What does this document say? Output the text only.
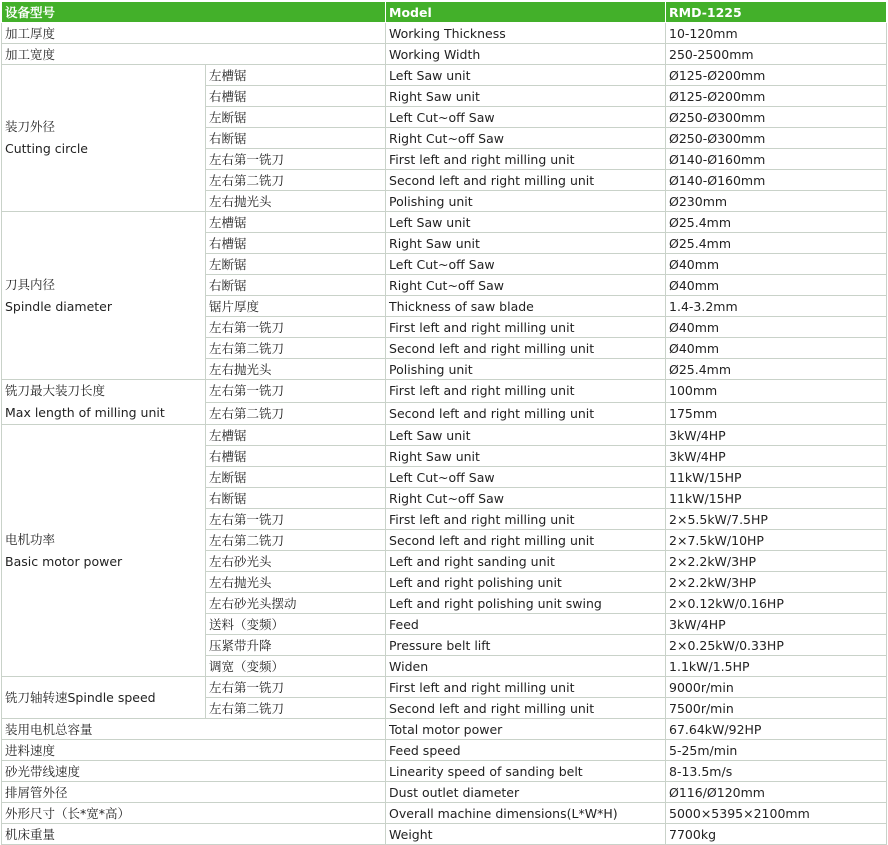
设备型号		Model	RMD-1225
加工厚度		Working Thickness	10-120mm
加工宽度		Working Width	250-2500mm

装刀外径
Cutting circle	左槽锯	Left Saw unit	Ø125-Ø200mm
	右槽锯	Right Saw unit	Ø125-Ø200mm
	左断锯	Left Cut~off Saw	Ø250-Ø300mm
	右断锯	Right Cut~off Saw	Ø250-Ø300mm
	左右第一铣刀	First left and right milling unit	Ø140-Ø160mm
	左右第二铣刀	Second left and right milling unit	Ø140-Ø160mm
	左右抛光头	Polishing unit	Ø230mm

刀具内径
Spindle diameter	左槽锯	Left Saw unit	Ø25.4mm
	右槽锯	Right Saw unit	Ø25.4mm
	左断锯	Left Cut~off Saw	Ø40mm
	右断锯	Right Cut~off Saw	Ø40mm
	锯片厚度	Thickness of saw blade	1.4-3.2mm
	左右第一铣刀	First left and right milling unit	Ø40mm
	左右第二铣刀	Second left and right milling unit	Ø40mm
	左右抛光头	Polishing unit	Ø25.4mm

铣刀最大装刀长度
Max length of milling unit	左右第一铣刀	First left and right milling unit	100mm
	左右第二铣刀	Second left and right milling unit	175mm

电机功率
Basic motor power	左槽锯	Left Saw unit	3kW/4HP
	右槽锯	Right Saw unit	3kW/4HP
	左断锯	Left Cut~off Saw	11kW/15HP
	右断锯	Right Cut~off Saw	11kW/15HP
	左右第一铣刀	First left and right milling unit	2×5.5kW/7.5HP
	左右第二铣刀	Second left and right milling unit	2×7.5kW/10HP
	左右砂光头	Left and right sanding unit	2×2.2kW/3HP
	左右抛光头	Left and right polishing unit	2×2.2kW/3HP
	左右砂光头摆动	Left and right polishing unit swing	2×0.12kW/0.16HP
	送料（变频）	Feed	3kW/4HP
	压紧带升降	Pressure belt lift	2×0.25kW/0.33HP
	调宽（变频）	Widen	1.1kW/1.5HP
铣刀轴转速Spindle speed	左右第一铣刀	First left and right milling unit	9000r/min
	左右第二铣刀	Second left and right milling unit	7500r/min
装用电机总容量		Total motor power	67.64kW/92HP
进料速度		Feed speed	5-25m/min
砂光带线速度		Linearity speed of sanding belt	8-13.5m/s
排屑管外径		Dust outlet diameter	Ø116/Ø120mm
外形尺寸（长*宽*高）		Overall machine dimensions(L*W*H)	5000×5395×2100mm
机床重量		Weight	7700kg
